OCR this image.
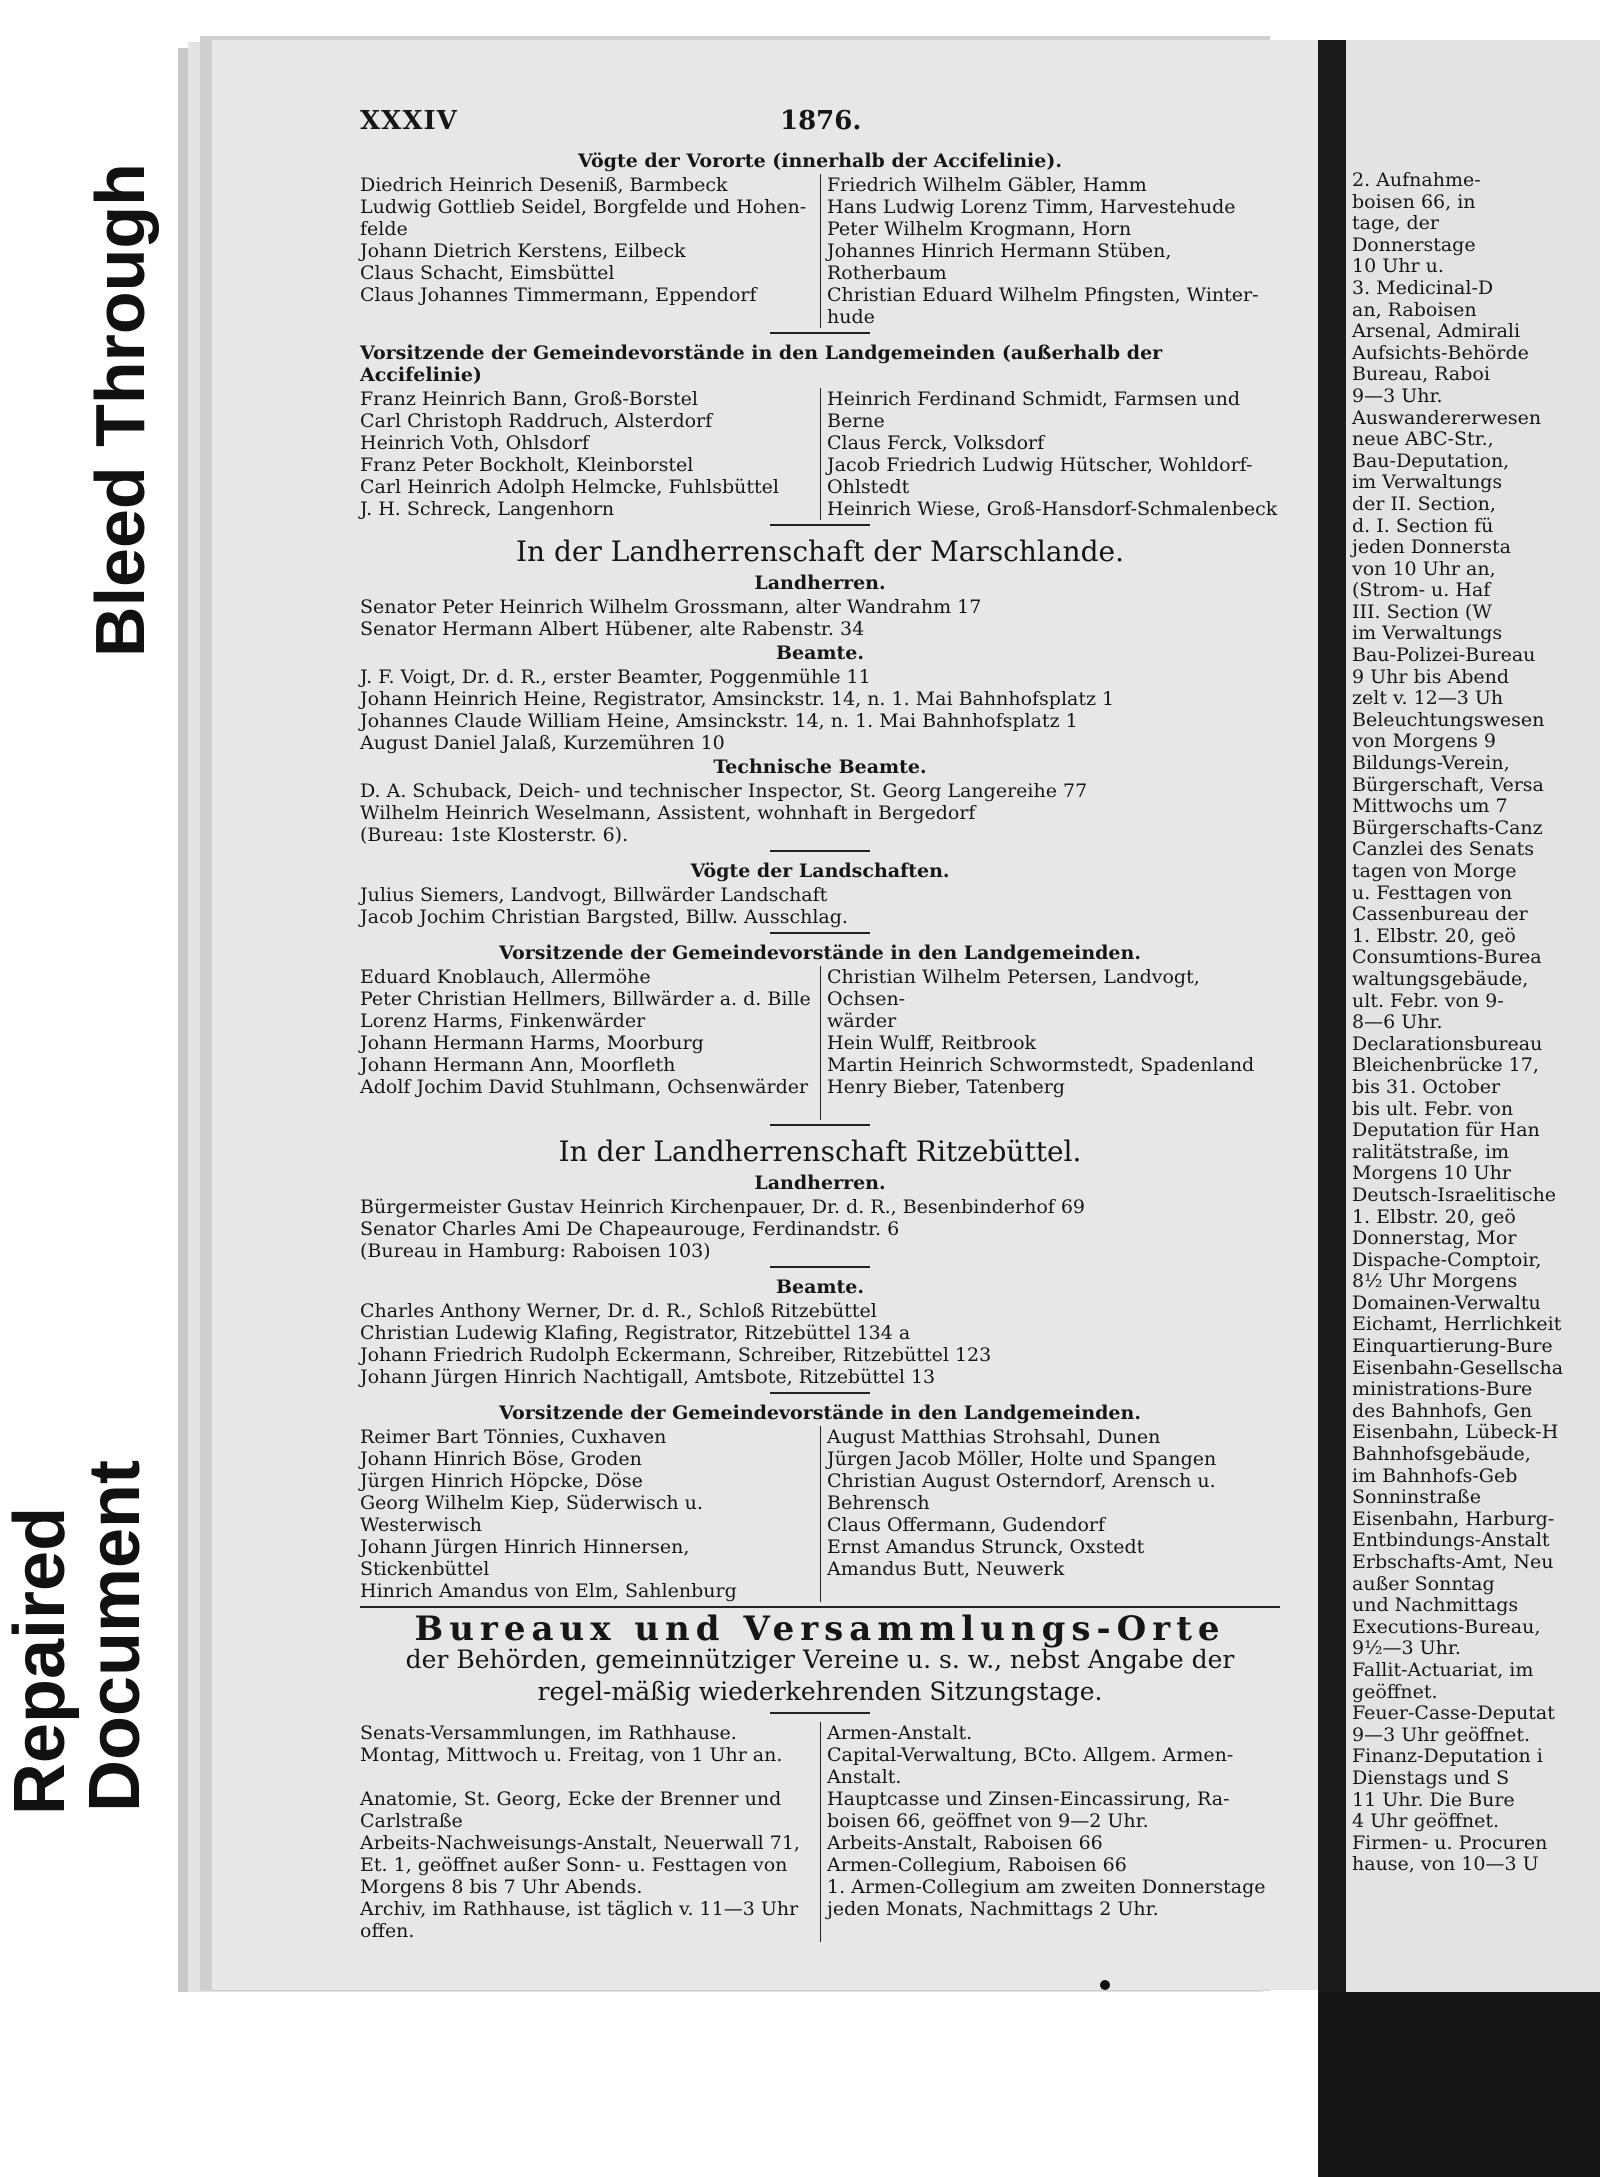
Bleed Through
Repaired
Document
2. Aufnahme-
boisen 66, in
tage, der
Donnerstage
10 Uhr u.
3. Medicinal-D
an, Raboisen
Arsenal, Admirali
Aufsichts-Behörde
Bureau, Raboi
9—3 Uhr.
Auswandererwesen
neue ABC-Str.,
Bau-Deputation,
im Verwaltungs
der II. Section,
d. I. Section fü
jeden Donnersta
von 10 Uhr an,
(Strom- u. Haf
III. Section (W
im Verwaltungs
Bau-Polizei-Bureau
9 Uhr bis Abend
zelt v. 12—3 Uh
Beleuchtungswesen
von Morgens 9
Bildungs-Verein,
Bürgerschaft, Versa
Mittwochs um 7
Bürgerschafts-Canz
Canzlei des Senats
tagen von Morge
u. Festtagen von
Cassenbureau der
1. Elbstr. 20, geö
Consumtions-Burea
waltungsgebäude,
ult. Febr. von 9-
8—6 Uhr.
Declarationsbureau
Bleichenbrücke 17,
bis 31. October
bis ult. Febr. von
Deputation für Han
ralitätstraße, im
Morgens 10 Uhr
Deutsch-Israelitische
1. Elbstr. 20, geö
Donnerstag, Mor
Dispache-Comptoir,
8½ Uhr Morgens
Domainen-Verwaltu
Eichamt, Herrlichkeit
Einquartierung-Bure
Eisenbahn-Gesellscha
ministrations-Bure
des Bahnhofs, Gen
Eisenbahn, Lübeck-H
Bahnhofsgebäude,
im Bahnhofs-Geb
Sonninstraße
Eisenbahn, Harburg-
Entbindungs-Anstalt
Erbschafts-Amt, Neu
außer Sonntag
und Nachmittags
Executions-Bureau,
9½—3 Uhr.
Fallit-Actuariat, im
geöffnet.
Feuer-Casse-Deputat
9—3 Uhr geöffnet.
Finanz-Deputation i
Dienstags und S
11 Uhr. Die Bure
4 Uhr geöffnet.
Firmen- u. Procuren
hause, von 10—3 U
XXXIV	1876.
Vögte der Vororte (innerhalb der Accifelinie).
Diedrich Heinrich Deseniß, Barmbeck
Ludwig Gottlieb Seidel, Borgfelde und Hohen-
felde
Johann Dietrich Kerstens, Eilbeck
Claus Schacht, Eimsbüttel
Claus Johannes Timmermann, Eppendorf
Friedrich Wilhelm Gäbler, Hamm
Hans Ludwig Lorenz Timm, Harvestehude
Peter Wilhelm Krogmann, Horn
Johannes Hinrich Hermann Stüben, Rotherbaum
Christian Eduard Wilhelm Pfingsten, Winter-
hude
Vorsitzende der Gemeindevorstände in den Landgemeinden (außerhalb der Accifelinie)
Franz Heinrich Bann, Groß-Borstel
Carl Christoph Raddruch, Alsterdorf
Heinrich Voth, Ohlsdorf
Franz Peter Bockholt, Kleinborstel
Carl Heinrich Adolph Helmcke, Fuhlsbüttel
J. H. Schreck, Langenhorn
Heinrich Ferdinand Schmidt, Farmsen und
Berne
Claus Ferck, Volksdorf
Jacob Friedrich Ludwig Hütscher, Wohldorf-
Ohlstedt
Heinrich Wiese, Groß-Hansdorf-Schmalenbeck
In der Landherrenschaft der Marschlande.
Landherren.
Senator Peter Heinrich Wilhelm Grossmann, alter Wandrahm 17
Senator Hermann Albert Hübener, alte Rabenstr. 34
Beamte.
J. F. Voigt, Dr. d. R., erster Beamter, Poggenmühle 11
Johann Heinrich Heine, Registrator, Amsinckstr. 14, n. 1. Mai Bahnhofsplatz 1
Johannes Claude William Heine, Amsinckstr. 14, n. 1. Mai Bahnhofsplatz 1
August Daniel Jalaß, Kurzemühren 10
Technische Beamte.
D. A. Schuback, Deich- und technischer Inspector, St. Georg Langereihe 77
Wilhelm Heinrich Weselmann, Assistent, wohnhaft in Bergedorf
(Bureau: 1ste Klosterstr. 6).
Vögte der Landschaften.
Julius Siemers, Landvogt, Billwärder Landschaft
Jacob Jochim Christian Bargsted, Billw. Ausschlag.
Vorsitzende der Gemeindevorstände in den Landgemeinden.
Eduard Knoblauch, Allermöhe
Peter Christian Hellmers, Billwärder a. d. Bille
Lorenz Harms, Finkenwärder
Johann Hermann Harms, Moorburg
Johann Hermann Ann, Moorfleth
Adolf Jochim David Stuhlmann, Ochsenwärder
Christian Wilhelm Petersen, Landvogt, Ochsen-
wärder
Hein Wulff, Reitbrook
Martin Heinrich Schwormstedt, Spadenland
Henry Bieber, Tatenberg

In der Landherrenschaft Ritzebüttel.
Landherren.
Bürgermeister Gustav Heinrich Kirchenpauer, Dr. d. R., Besenbinderhof 69
Senator Charles Ami De Chapeaurouge, Ferdinandstr. 6
(Bureau in Hamburg: Raboisen 103)
Beamte.
Charles Anthony Werner, Dr. d. R., Schloß Ritzebüttel
Christian Ludewig Klafing, Registrator, Ritzebüttel 134 a
Johann Friedrich Rudolph Eckermann, Schreiber, Ritzebüttel 123
Johann Jürgen Hinrich Nachtigall, Amtsbote, Ritzebüttel 13
Vorsitzende der Gemeindevorstände in den Landgemeinden.
Reimer Bart Tönnies, Cuxhaven
Johann Hinrich Böse, Groden
Jürgen Hinrich Höpcke, Döse
Georg Wilhelm Kiep, Süderwisch u. Westerwisch
Johann Jürgen Hinrich Hinnersen, Stickenbüttel
Hinrich Amandus von Elm, Sahlenburg
August Matthias Strohsahl, Dunen
Jürgen Jacob Möller, Holte und Spangen
Christian August Osterndorf, Arensch u. Behrensch
Claus Offermann, Gudendorf
Ernst Amandus Strunck, Oxstedt
Amandus Butt, Neuwerk
Bureaux und Versammlungs-Orte
der Behörden, gemeinnütziger Vereine u. s. w., nebst Angabe der regel-mäßig wiederkehrenden Sitzungstage.
Senats-Versammlungen, im Rathhause.
Montag, Mittwoch u. Freitag, von 1 Uhr an.

Anatomie, St. Georg, Ecke der Brenner und
Carlstraße
Arbeits-Nachweisungs-Anstalt, Neuerwall 71,
Et. 1, geöffnet außer Sonn- u. Festtagen von
Morgens 8 bis 7 Uhr Abends.
Archiv, im Rathhause, ist täglich v. 11—3 Uhr
offen.
Armen-Anstalt.
Capital-Verwaltung, BCto. Allgem. Armen-
Anstalt.
Hauptcasse und Zinsen-Eincassirung, Ra-
boisen 66, geöffnet von 9—2 Uhr.
Arbeits-Anstalt, Raboisen 66
Armen-Collegium, Raboisen 66
1. Armen-Collegium am zweiten Donnerstage
jeden Monats, Nachmittags 2 Uhr.
